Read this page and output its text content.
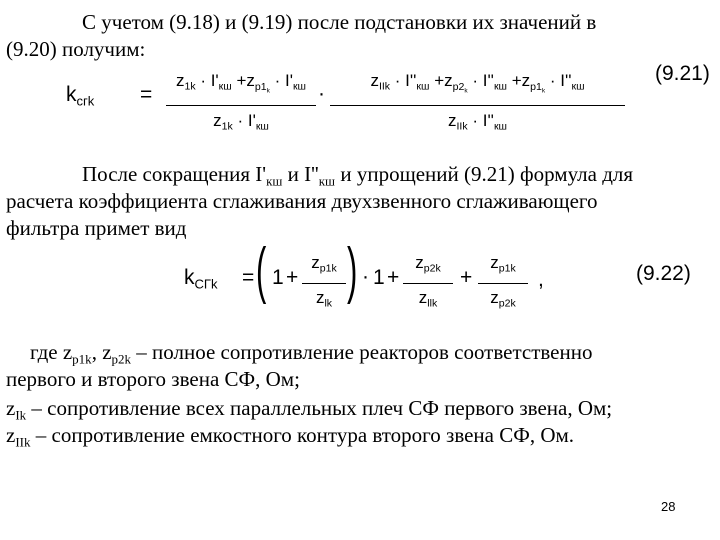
С учетом (9.18) и (9.19) после подстановки их значений в
(9.20) получим:
(9.21)
$k_{сгk}$ =
$z_{1k} \cdot I'_{кш} +z_{p1_k} \cdot I'_{кш}$
$z_{1k} \cdot I'_{кш}$
·
$z_{IIk} \cdot I''_{кш} +z_{p2_k} \cdot I''_{кш} +z_{p1_k} \cdot I''_{кш}$
$z_{IIk} \cdot I''_{кш}$
После сокращения $I'_{кш}$ и $I''_{кш}$ и упрощений (9.21) формула для
расчета коэффициента сглаживания двухзвенного сглаживающего
фильтра примет вид
(9.22)
$k_{СГk}$ = ( 1 +
$z_{p1k}$
$z_{lk}$ ) · 1 +
$z_{p2k}$
$z_{llk}$
+
$z_{p1k}$
$z_{p2k}$
,
где $z_{p1k}$, $z_{p2k}$ – полное сопротивление реакторов соответственно
первого и второго звена СФ, Ом;
$z_{Ik}$ – сопротивление всех параллельных плеч СФ первого звена, Ом;
$z_{IIk}$ – сопротивление емкостного контура второго звена СФ, Ом.
28
